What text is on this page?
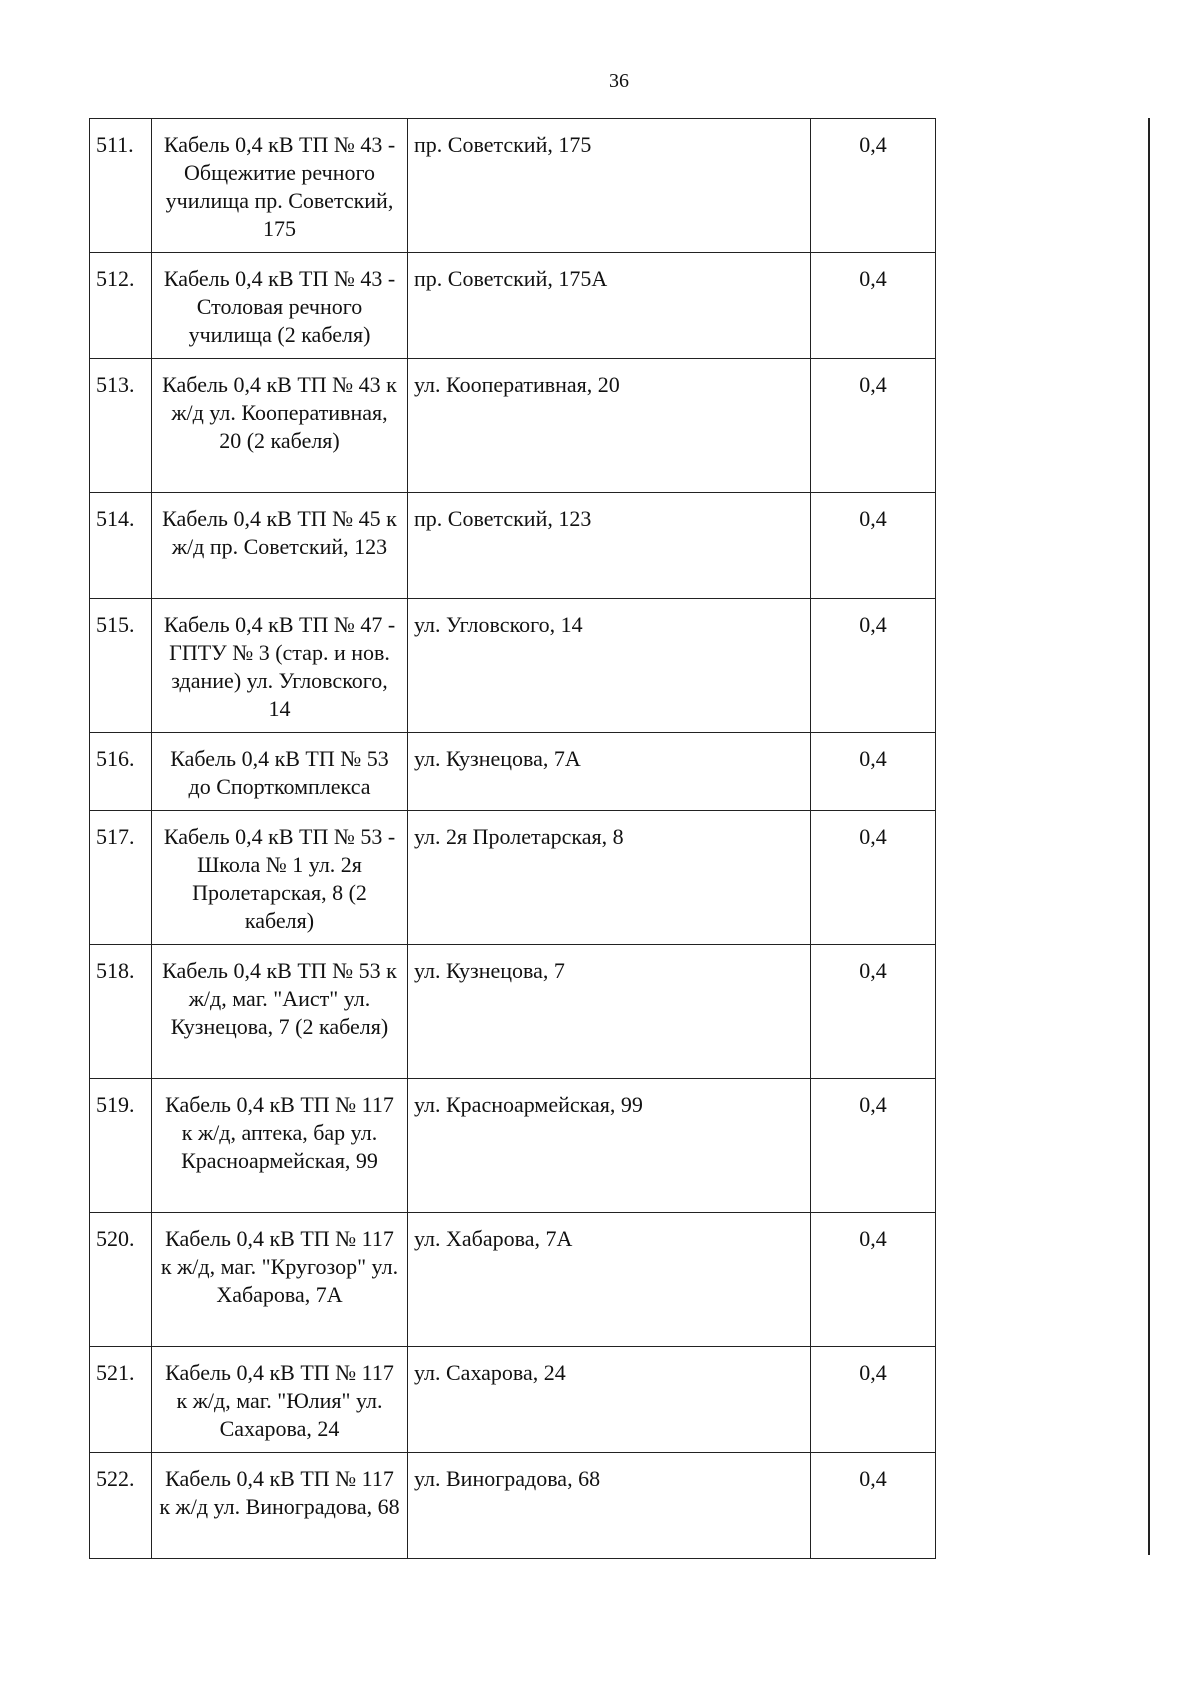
36
511.	Кабель 0,4 кВ ТП № 43 - Общежитие речного училища пр. Советский, 175	пр. Советский, 175	0,4
512.	Кабель 0,4 кВ ТП № 43 - Столовая речного училища (2 кабеля)	пр. Советский, 175А	0,4
513.	Кабель 0,4 кВ ТП № 43 к ж/д ул. Кооперативная, 20 (2 кабеля)	ул. Кооперативная, 20	0,4
514.	Кабель 0,4 кВ ТП № 45 к ж/д пр. Советский, 123	пр. Советский, 123	0,4
515.	Кабель 0,4 кВ ТП № 47 - ГПТУ № 3 (стар. и нов. здание) ул. Угловского, 14	ул. Угловского, 14	0,4
516.	Кабель 0,4 кВ ТП № 53 до Спорткомплекса	ул. Кузнецова, 7А	0,4
517.	Кабель 0,4 кВ ТП № 53 - Школа № 1 ул. 2я Пролетарская, 8 (2 кабеля)	ул. 2я Пролетарская, 8	0,4
518.	Кабель 0,4 кВ ТП № 53 к ж/д, маг. "Аист" ул. Кузнецова, 7 (2 кабеля)	ул. Кузнецова, 7	0,4
519.	Кабель 0,4 кВ ТП № 117 к ж/д, аптека, бар ул. Красноармейская, 99	ул. Красноармейская, 99	0,4
520.	Кабель 0,4 кВ ТП № 117 к ж/д, маг. "Кругозор" ул. Хабарова, 7А	ул. Хабарова, 7А	0,4
521.	Кабель 0,4 кВ ТП № 117 к ж/д, маг. "Юлия" ул. Сахарова, 24	ул. Сахарова, 24	0,4
522.	Кабель 0,4 кВ ТП № 117 к ж/д ул. Виноградова, 68	ул. Виноградова, 68	0,4
